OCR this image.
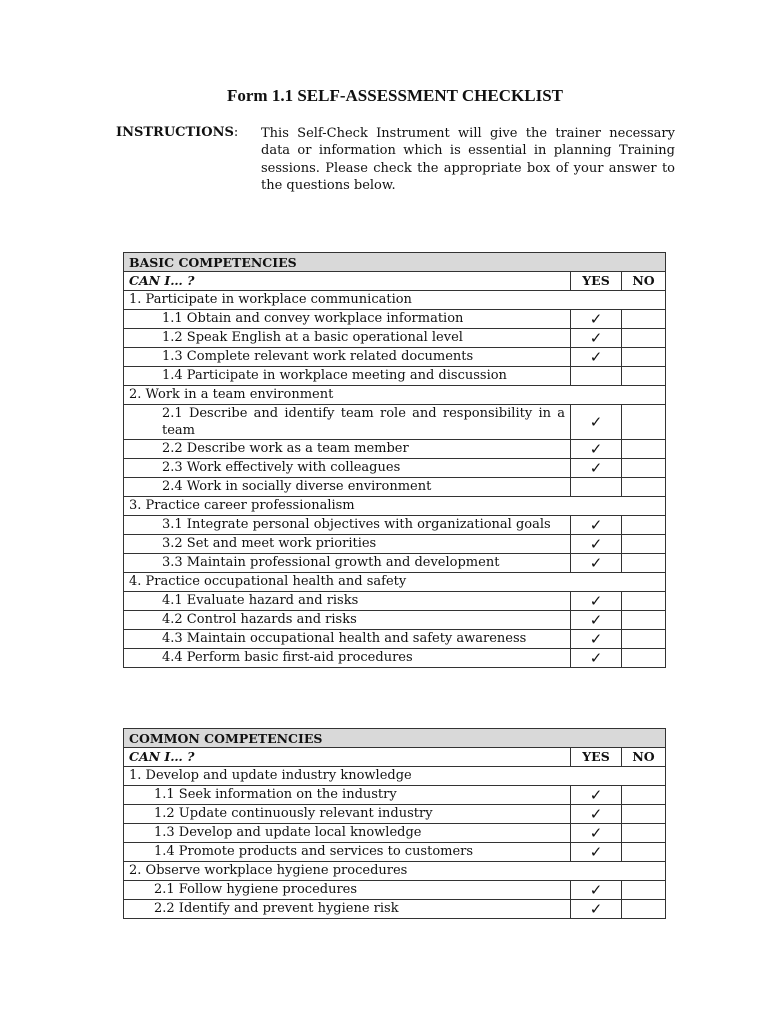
Form 1.1 SELF-ASSESSMENT CHECKLIST
INSTRUCTIONS: This Self-Check Instrument will give the trainer necessary data or information which is essential in planning Training sessions. Please check the appropriate box of your answer to the questions below.
BASIC COMPETENCIES		
CAN I… ?	YES	NO
1. Participate in workplace communication		
1.1 Obtain and convey workplace information	✓	
1.2 Speak English at a basic operational level	✓	
1.3 Complete relevant work related documents	✓	
1.4 Participate in workplace meeting and discussion		
2. Work in a team environment		
2.1 Describe and identify team role and responsibility in a team	✓	
2.2 Describe work as a team member	✓	
2.3 Work effectively with colleagues	✓	
2.4 Work in socially diverse environment		
3. Practice career professionalism		
3.1 Integrate personal objectives with organizational goals	✓	
3.2 Set and meet work priorities	✓	
3.3 Maintain professional growth and development	✓	
4. Practice occupational health and safety		
4.1 Evaluate hazard and risks	✓	
4.2 Control hazards and risks	✓	
4.3 Maintain occupational health and safety awareness	✓	
4.4 Perform basic first-aid procedures	✓	
COMMON COMPETENCIES		
CAN I… ?	YES	NO
1. Develop and update industry knowledge		
1.1 Seek information on the industry	✓	
1.2 Update continuously relevant industry	✓	
1.3 Develop and update local knowledge	✓	
1.4 Promote products and services to customers	✓	
2. Observe workplace hygiene procedures		
2.1 Follow hygiene procedures	✓	
2.2 Identify and prevent hygiene risk	✓	
